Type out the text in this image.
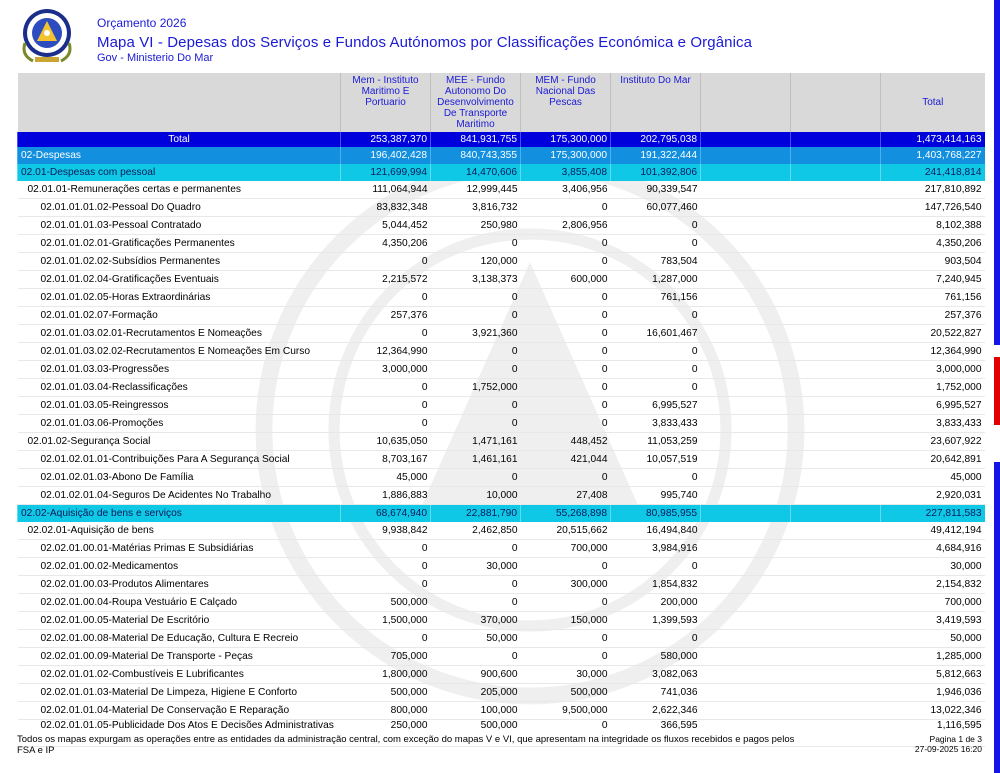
Orçamento 2026
Mapa VI - Depesas dos Serviços e Fundos Autónomos por Classificações Económica e Orgânica
Gov - Ministerio Do Mar
	Mem - Instituto Maritimo E Portuario	MEE - Fundo Autonomo Do Desenvolvimento De Transporte Maritimo	MEM - Fundo Nacional Das Pescas	Instituto Do Mar			Total
Total	253,387,370	841,931,755	175,300,000	202,795,038			1,473,414,163
02-Despesas	196,402,428	840,743,355	175,300,000	191,322,444			1,403,768,227
02.01-Despesas com pessoal	121,699,994	14,470,606	3,855,408	101,392,806			241,418,814
02.01.01-Remunerações certas e permanentes	111,064,944	12,999,445	3,406,956	90,339,547			217,810,892
02.01.01.01.02-Pessoal Do Quadro	83,832,348	3,816,732	0	60,077,460			147,726,540
02.01.01.01.03-Pessoal Contratado	5,044,452	250,980	2,806,956	0			8,102,388
02.01.01.02.01-Gratificações Permanentes	4,350,206	0	0	0			4,350,206
02.01.01.02.02-Subsídios Permanentes	0	120,000	0	783,504			903,504
02.01.01.02.04-Gratificações Eventuais	2,215,572	3,138,373	600,000	1,287,000			7,240,945
02.01.01.02.05-Horas Extraordinárias	0	0	0	761,156			761,156
02.01.01.02.07-Formação	257,376	0	0	0			257,376
02.01.01.03.02.01-Recrutamentos E Nomeações	0	3,921,360	0	16,601,467			20,522,827
02.01.01.03.02.02-Recrutamentos E Nomeações Em Curso	12,364,990	0	0	0			12,364,990
02.01.01.03.03-Progressões	3,000,000	0	0	0			3,000,000
02.01.01.03.04-Reclassificações	0	1,752,000	0	0			1,752,000
02.01.01.03.05-Reingressos	0	0	0	6,995,527			6,995,527
02.01.01.03.06-Promoções	0	0	0	3,833,433			3,833,433
02.01.02-Segurança Social	10,635,050	1,471,161	448,452	11,053,259			23,607,922
02.01.02.01.01-Contribuições Para A Segurança Social	8,703,167	1,461,161	421,044	10,057,519			20,642,891
02.01.02.01.03-Abono De Família	45,000	0	0	0			45,000
02.01.02.01.04-Seguros De Acidentes No Trabalho	1,886,883	10,000	27,408	995,740			2,920,031
02.02-Aquisição de bens e serviços	68,674,940	22,881,790	55,268,898	80,985,955			227,811,583
02.02.01-Aquisição de bens	9,938,842	2,462,850	20,515,662	16,494,840			49,412,194
02.02.01.00.01-Matérias Primas E Subsidiárias	0	0	700,000	3,984,916			4,684,916
02.02.01.00.02-Medicamentos	0	30,000	0	0			30,000
02.02.01.00.03-Produtos Alimentares	0	0	300,000	1,854,832			2,154,832
02.02.01.00.04-Roupa Vestuário E Calçado	500,000	0	0	200,000			700,000
02.02.01.00.05-Material De Escritório	1,500,000	370,000	150,000	1,399,593			3,419,593
02.02.01.00.08-Material De Educação, Cultura E Recreio	0	50,000	0	0			50,000
02.02.01.00.09-Material De Transporte - Peças	705,000	0	0	580,000			1,285,000
02.02.01.01.02-Combustíveis E Lubrificantes	1,800,000	900,600	30,000	3,082,063			5,812,663
02.02.01.01.03-Material De Limpeza, Higiene E Conforto	500,000	205,000	500,000	741,036			1,946,036
02.02.01.01.04-Material De Conservação E Reparação	800,000	100,000	9,500,000	2,622,346			13,022,346
02.02.01.01.05-Publicidade Dos Atos E Decisões Administrativas	250,000	500,000	0	366,595			1,116,595
Todos os mapas expurgam as operações entre as entidades da administração central, com exceção do mapas V e VI, que apresentam na integridade os fluxos recebidos e pagos pelos FSA e IP
Pagina 1 de 3
27-09-2025 16:20
